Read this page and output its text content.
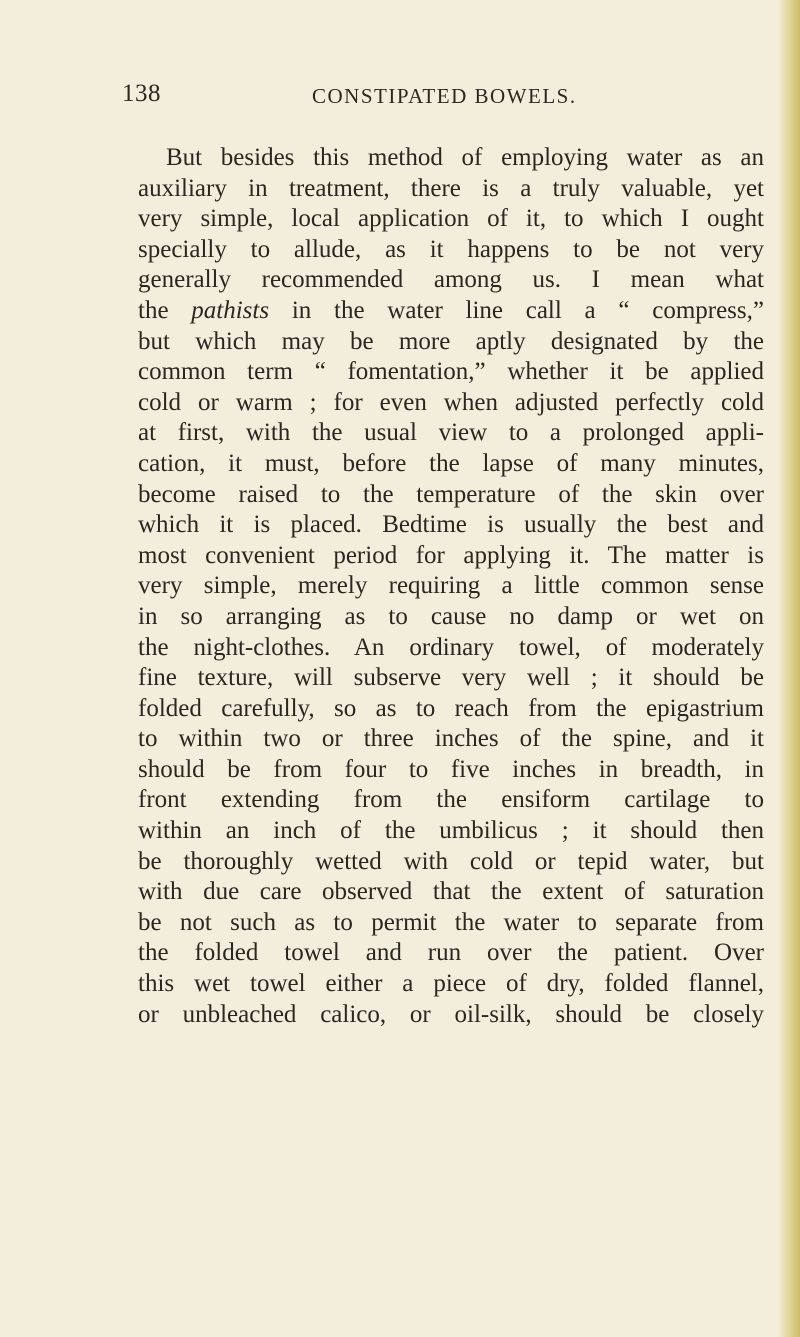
138	CONSTIPATED BOWELS.
But besides this method of employing water as an
auxiliary in treatment, there is a truly valuable, yet
very simple, local application of it, to which I ought
specially to allude, as it happens to be not very
generally recommended among us. I mean what
the pathists in the water line call a “ compress,”
but which may be more aptly designated by the
common term “ fomentation,” whether it be applied
cold or warm ; for even when adjusted perfectly cold
at first, with the usual view to a prolonged appli-
cation, it must, before the lapse of many minutes,
become raised to the temperature of the skin over
which it is placed. Bedtime is usually the best and
most convenient period for applying it. The matter is
very simple, merely requiring a little common sense
in so arranging as to cause no damp or wet on
the night-clothes. An ordinary towel, of moderately
fine texture, will subserve very well ; it should be
folded carefully, so as to reach from the epigastrium
to within two or three inches of the spine, and it
should be from four to five inches in breadth, in
front extending from the ensiform cartilage to
within an inch of the umbilicus ; it should then
be thoroughly wetted with cold or tepid water, but
with due care observed that the extent of saturation
be not such as to permit the water to separate from
the folded towel and run over the patient. Over
this wet towel either a piece of dry, folded flannel,
or unbleached calico, or oil-silk, should be closely
